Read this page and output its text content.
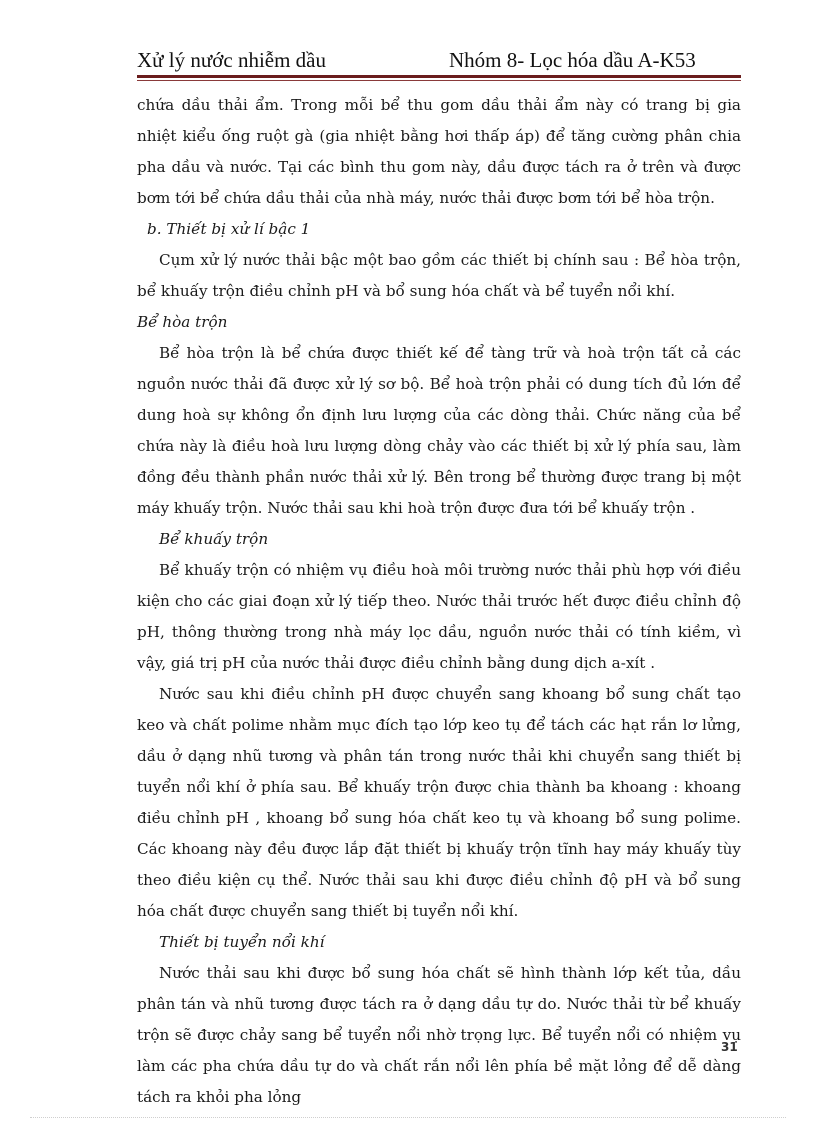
Xử lý nước nhiễm dầu	Nhóm 8- Lọc hóa dầu A-K53

chứa dầu thải ẩm. Trong mỗi bể thu gom dầu thải ẩm này có trang bị gia nhiệt kiểu ống ruột gà (gia nhiệt bằng hơi thấp áp) để tăng cường phân chia pha dầu và nước. Tại các bình thu gom này, dầu được tách ra ở trên và được bơm tới bể chứa dầu thải của nhà máy, nước thải được bơm tới bể hòa trộn.

b. Thiết bị xử lí bậc 1

Cụm xử lý nước thải bậc một bao gồm các thiết bị chính sau : Bể hòa trộn, bể khuấy trộn điều chỉnh pH và bổ sung hóa chất và bể tuyển nổi khí.

Bể hòa trộn

Bể hòa trộn là bể chứa được thiết kế để tàng trữ và hoà trộn tất cả các nguồn nước thải đã được xử lý sơ bộ. Bể hoà trộn phải có dung tích đủ lớn để dung hoà sự không ổn định lưu lượng của các dòng thải. Chức năng của bể chứa này là điều hoà lưu lượng dòng chảy vào các thiết bị xử lý phía sau, làm đồng đều thành phần nước thải xử lý. Bên trong bể thường được trang bị một máy khuấy trộn. Nước thải sau khi hoà trộn được đưa tới bể khuấy trộn .

Bể khuấy trộn

Bể khuấy trộn có nhiệm vụ điều hoà môi trường nước thải phù hợp với điều kiện cho các giai đoạn xử lý tiếp theo. Nước thải trước hết được điều chỉnh độ pH, thông thường trong nhà máy lọc dầu, nguồn nước thải có tính kiềm, vì vậy, giá trị pH của nước thải được điều chỉnh bằng dung dịch a-xít .

Nước sau khi điều chỉnh pH được chuyển sang khoang bổ sung chất tạo keo và chất polime nhằm mục đích tạo lớp keo tụ để tách các hạt rắn lơ lửng, dầu ở dạng nhũ tương và phân tán trong nước thải khi chuyển sang thiết bị tuyển nổi khí ở phía sau. Bể khuấy trộn được chia thành ba khoang : khoang điều chỉnh pH , khoang bổ sung hóa chất keo tụ và khoang bổ sung polime. Các khoang này đều được lắp đặt thiết bị khuấy trộn tĩnh hay máy khuấy tùy theo điều kiện cụ thể. Nước thải sau khi được điều chỉnh độ pH và bổ sung hóa chất được chuyển sang thiết bị tuyển nổi khí.

Thiết bị tuyển nổi khí

Nước thải sau khi được bổ sung hóa chất sẽ hình thành lớp kết tủa, dầu phân tán và nhũ tương được tách ra ở dạng dầu tự do. Nước thải từ bể khuấy trộn sẽ được chảy sang bể tuyển nổi nhờ trọng lực. Bể tuyển nổi có nhiệm vụ làm các pha chứa dầu tự do và chất rắn nổi lên phía bề mặt lỏng để dễ dàng tách ra khỏi pha lỏng

31
